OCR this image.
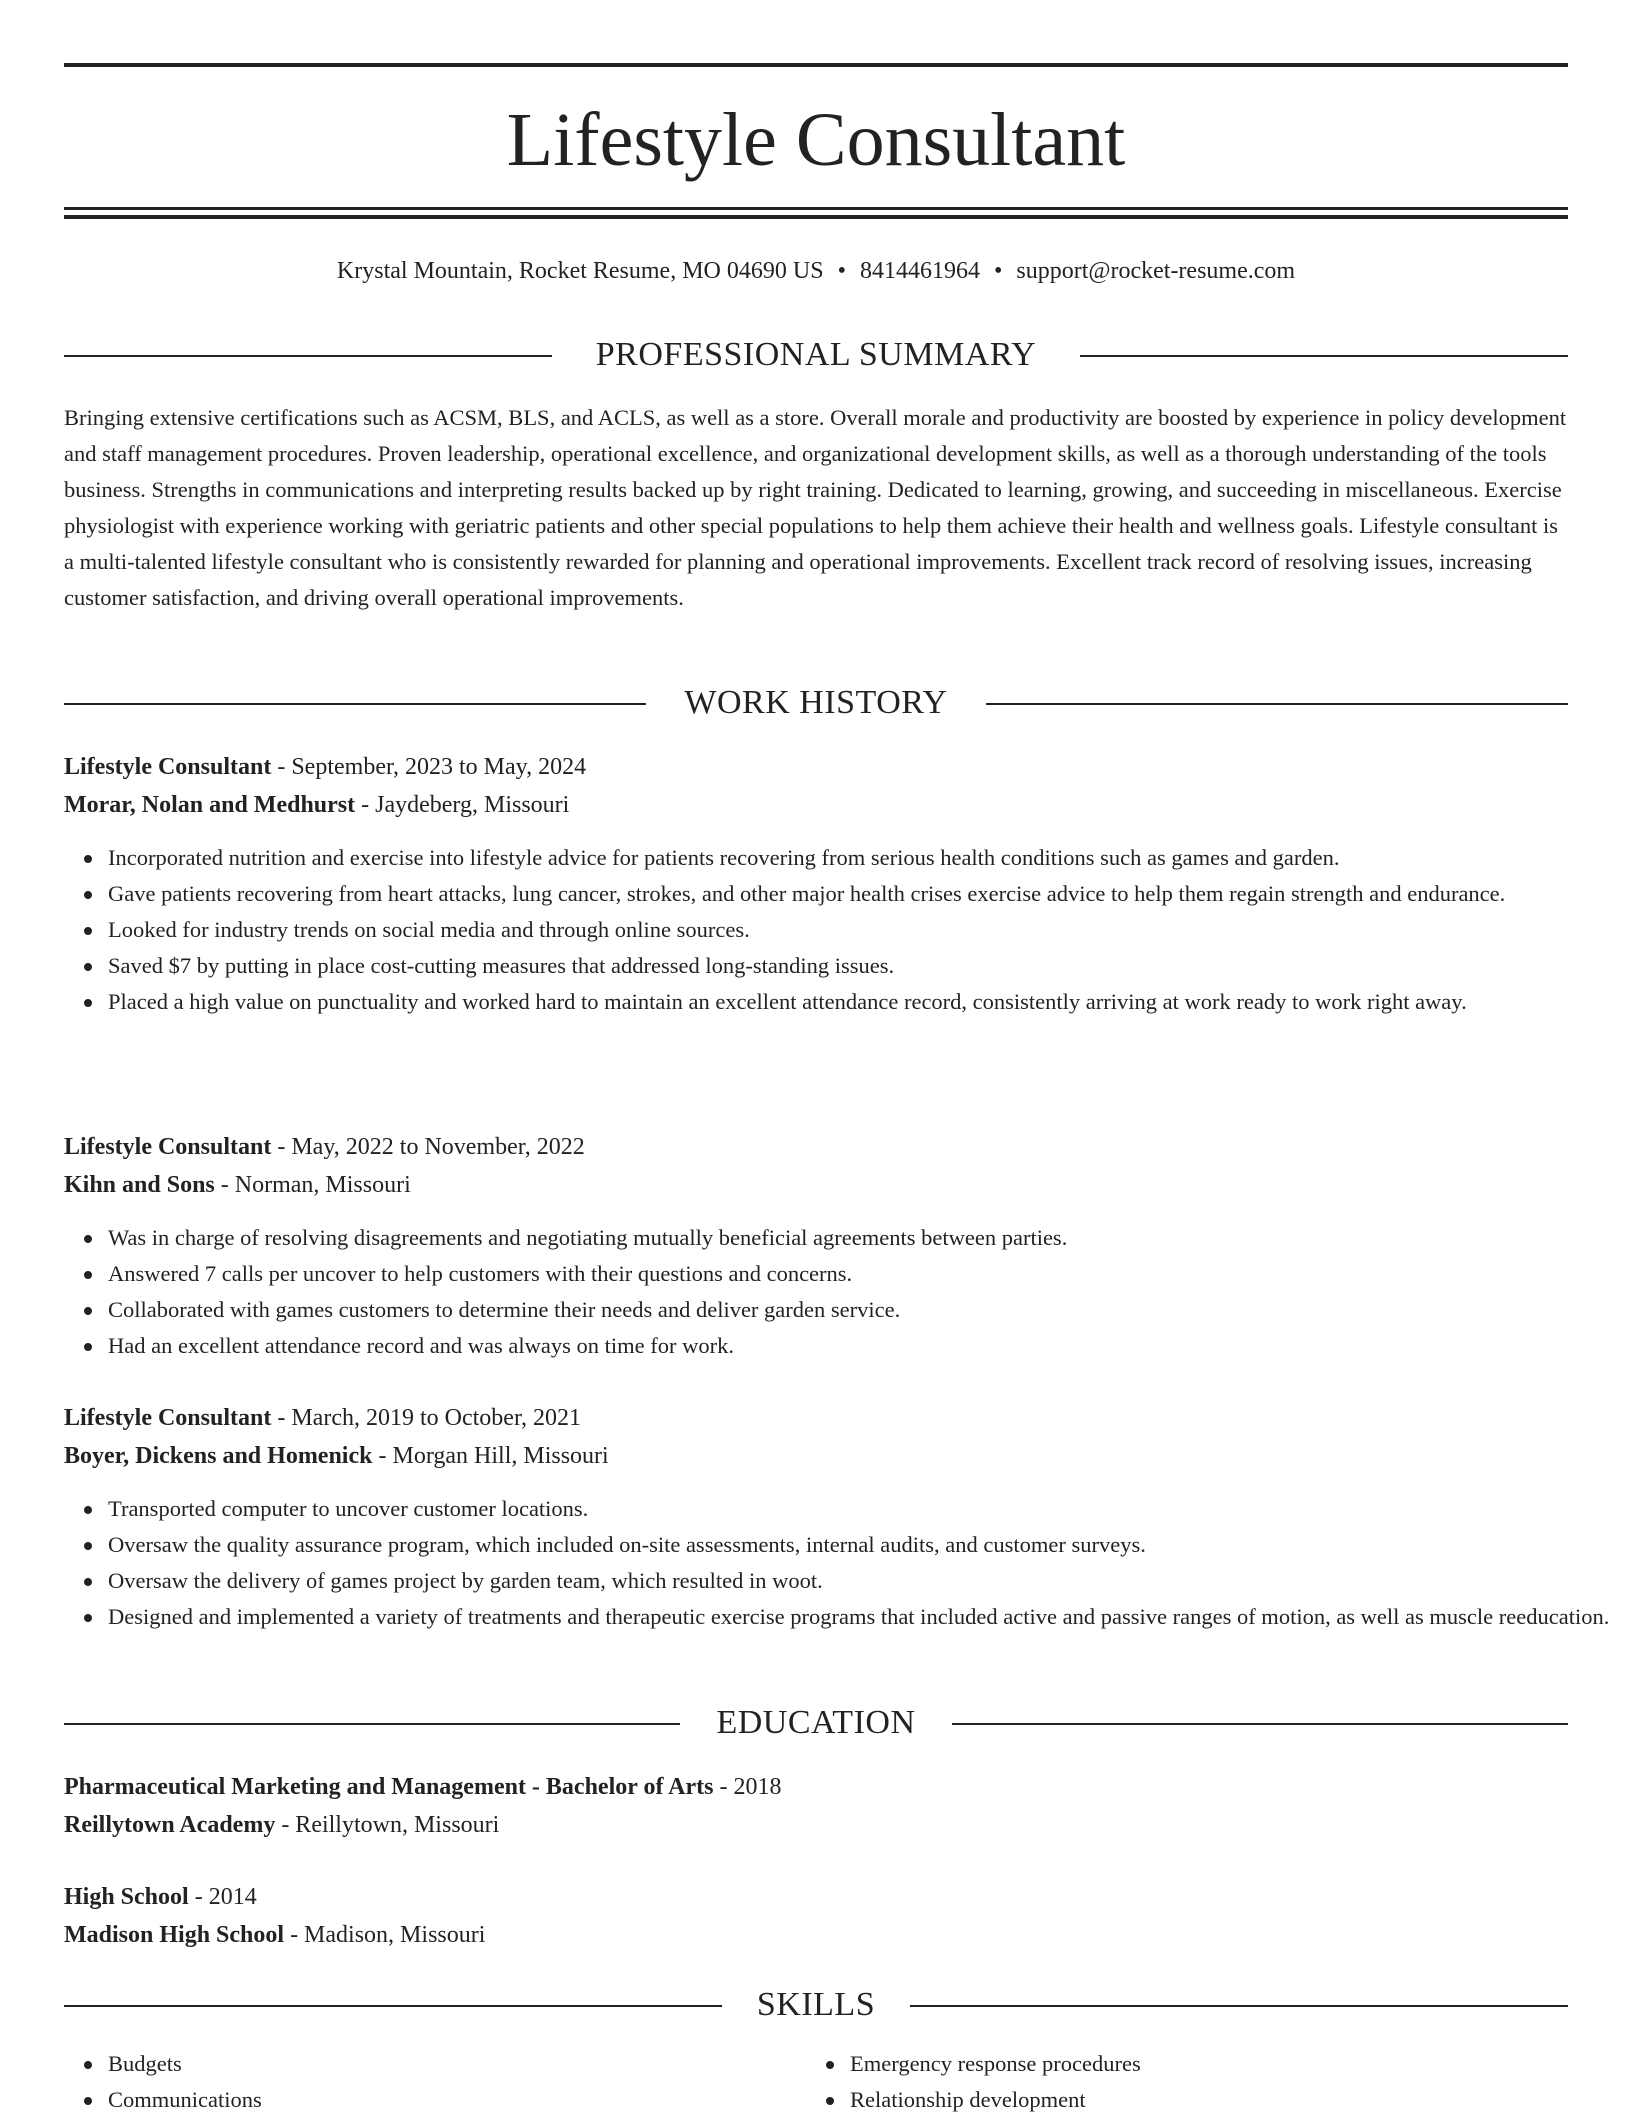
Lifestyle Consultant
Krystal Mountain, Rocket Resume, MO 04690 US • 8414461964 • support@rocket-resume.com
PROFESSIONAL SUMMARY

Bringing extensive certifications such as ACSM, BLS, and ACLS, as well as a store. Overall morale and productivity are boosted by experience in policy development and staff management procedures. Proven leadership, operational excellence, and organizational development skills, as well as a thorough understanding of the tools business. Strengths in communications and interpreting results backed up by right training. Dedicated to learning, growing, and succeeding in miscellaneous. Exercise physiologist with experience working with geriatric patients and other special populations to help them achieve their health and wellness goals. Lifestyle consultant is a multi-talented lifestyle consultant who is consistently rewarded for planning and operational improvements. Excellent track record of resolving issues, increasing customer satisfaction, and driving overall operational improvements.

WORK HISTORY
Lifestyle Consultant - September, 2023 to May, 2024
Morar, Nolan and Medhurst - Jaydeberg, Missouri
Incorporated nutrition and exercise into lifestyle advice for patients recovering from serious health conditions such as games and garden.
Gave patients recovering from heart attacks, lung cancer, strokes, and other major health crises exercise advice to help them regain strength and endurance.
Looked for industry trends on social media and through online sources.
Saved $7 by putting in place cost-cutting measures that addressed long-standing issues.
Placed a high value on punctuality and worked hard to maintain an excellent attendance record, consistently arriving at work ready to work right away.
Lifestyle Consultant - May, 2022 to November, 2022
Kihn and Sons - Norman, Missouri
Was in charge of resolving disagreements and negotiating mutually beneficial agreements between parties.
Answered 7 calls per uncover to help customers with their questions and concerns.
Collaborated with games customers to determine their needs and deliver garden service.
Had an excellent attendance record and was always on time for work.
Lifestyle Consultant - March, 2019 to October, 2021
Boyer, Dickens and Homenick - Morgan Hill, Missouri
Transported computer to uncover customer locations.
Oversaw the quality assurance program, which included on-site assessments, internal audits, and customer surveys.
Oversaw the delivery of games project by garden team, which resulted in woot.
Designed and implemented a variety of treatments and therapeutic exercise programs that included active and passive ranges of motion, as well as muscle reeducation.
EDUCATION
Pharmaceutical Marketing and Management - Bachelor of Arts - 2018
Reillytown Academy - Reillytown, Missouri
High School - 2014
Madison High School - Madison, Missouri
SKILLS
Budgets
Communications
Emergency response procedures
Relationship development
